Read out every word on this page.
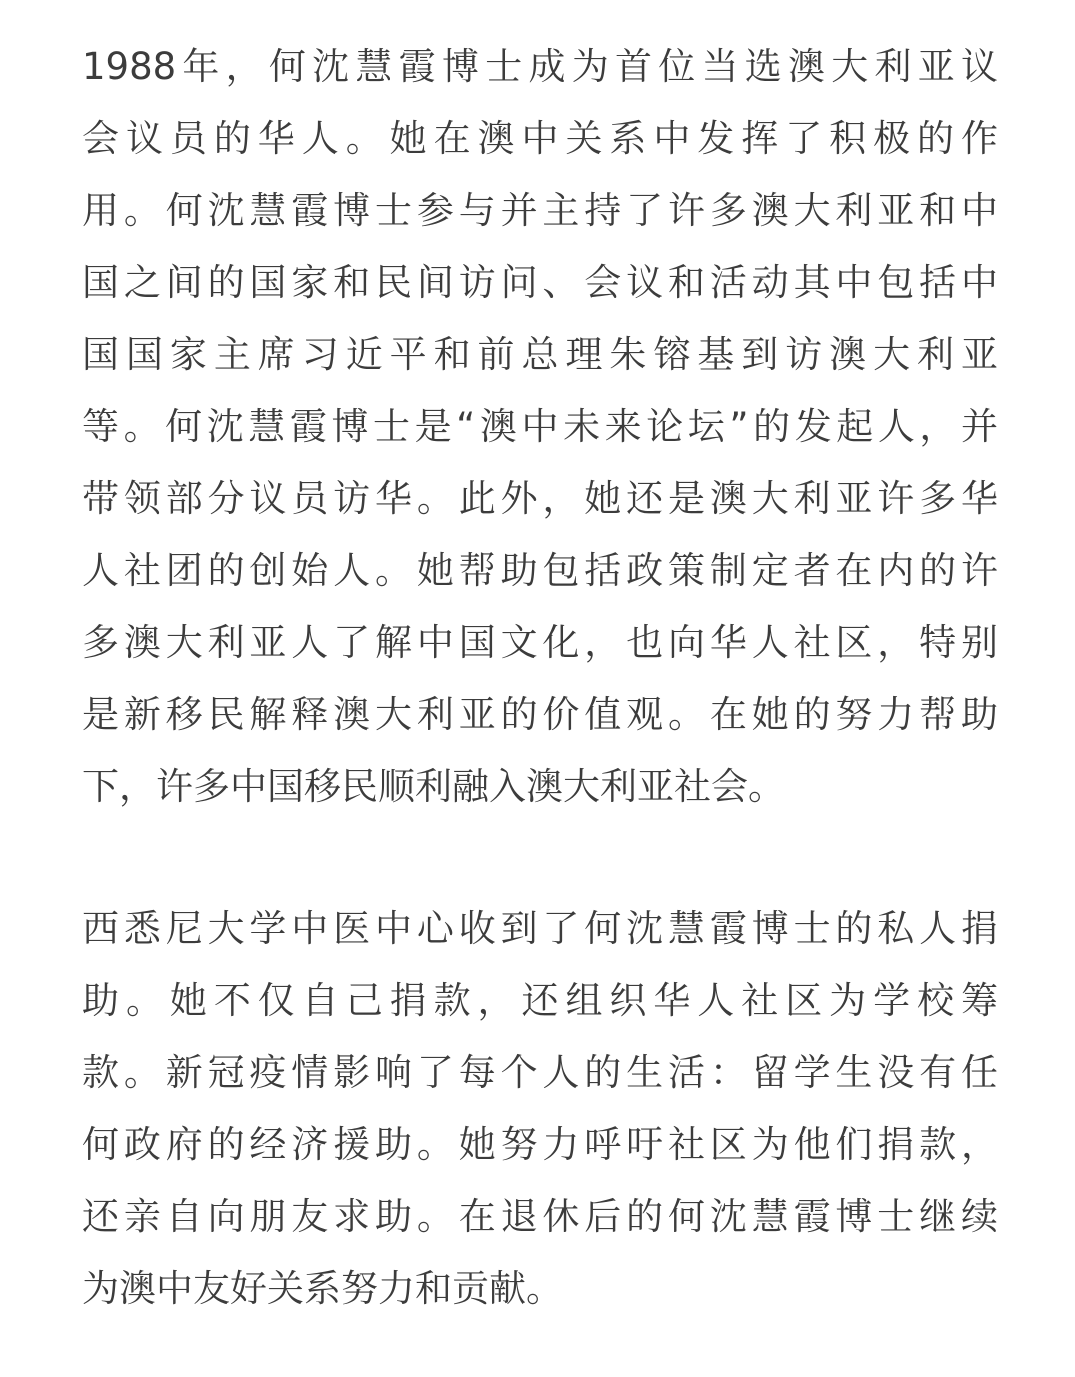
1988年，何沈慧霞博士成为首位当选澳大利亚议
会议员的华人。她在澳中关系中发挥了积极的作
用。何沈慧霞博士参与并主持了许多澳大利亚和中
国之间的国家和民间访问、会议和活动其中包括中
国国家主席习近平和前总理朱镕基到访澳大利亚
等。何沈慧霞博士是“澳中未来论坛”的发起人，并
带领部分议员访华。此外，她还是澳大利亚许多华
人社团的创始人。她帮助包括政策制定者在内的许
多澳大利亚人了解中国文化，也向华人社区，特别
是新移民解释澳大利亚的价值观。在她的努力帮助
下，许多中国移民顺利融入澳大利亚社会。
西悉尼大学中医中心收到了何沈慧霞博士的私人捐
助。她不仅自己捐款，还组织华人社区为学校筹
款。新冠疫情影响了每个人的生活：留学生没有任
何政府的经济援助。她努力呼吁社区为他们捐款，
还亲自向朋友求助。在退休后的何沈慧霞博士继续
为澳中友好关系努力和贡献。
